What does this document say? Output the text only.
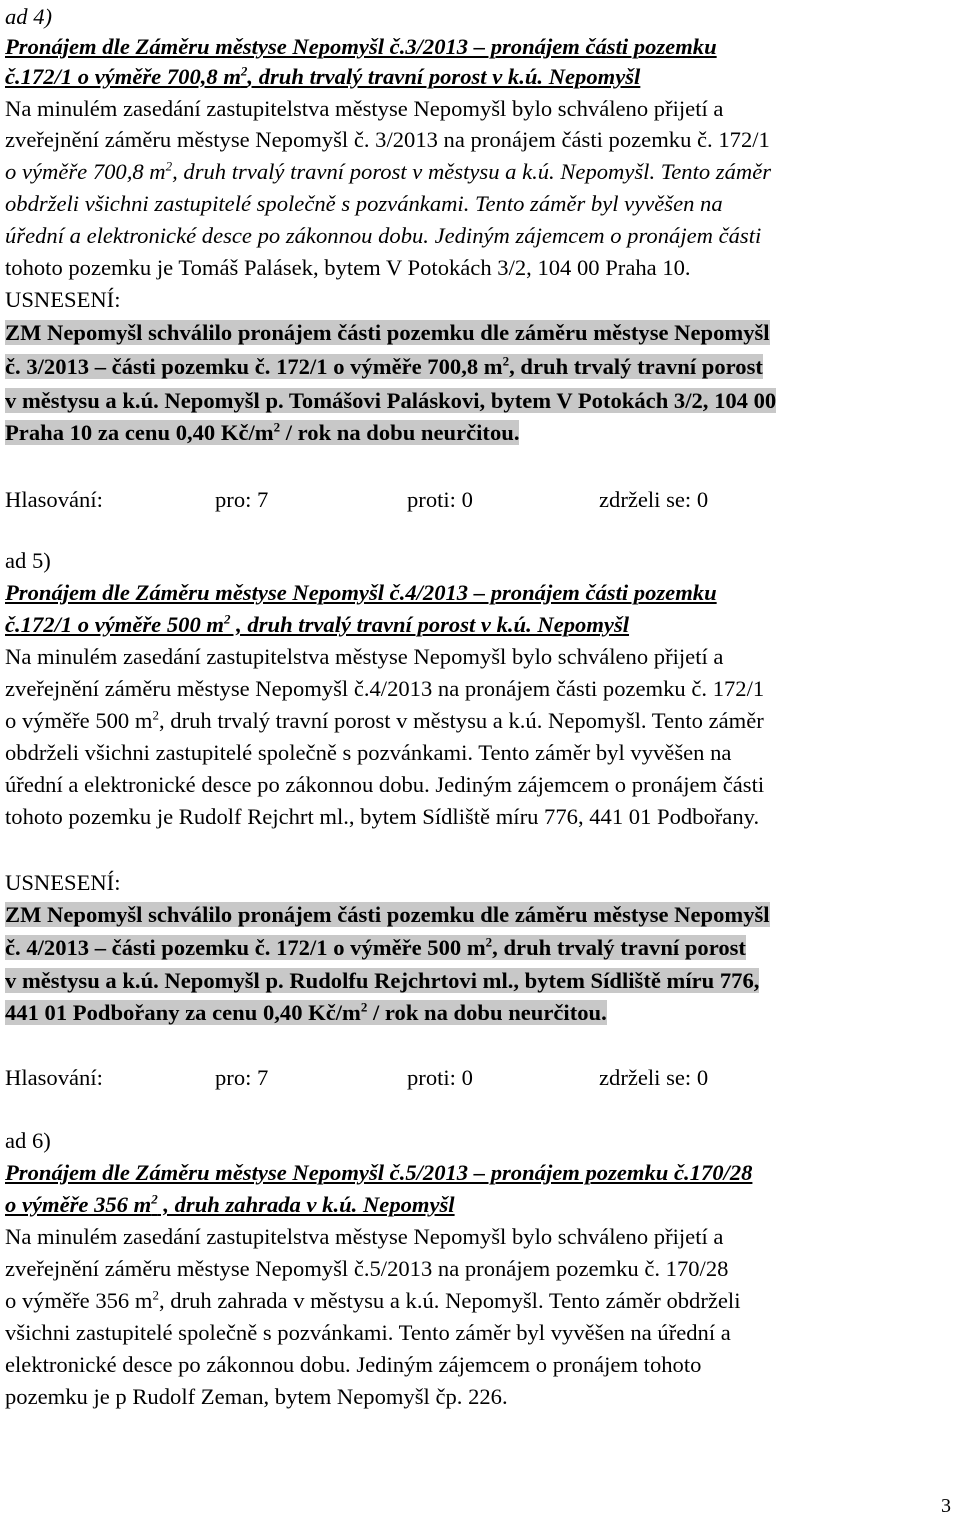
ad 4)
Pronájem dle Záměru městyse Nepomyšl č.3/2013 – pronájem části pozemku
č.172/1 o výměře 700,8 $m^2$, druh trvalý travní porost v k.ú. Nepomyšl
Na minulém zasedání zastupitelstva městyse Nepomyšl bylo schváleno přijetí a
zveřejnění záměru městyse Nepomyšl č. 3/2013 na pronájem části pozemku č. 172/1
o výměře 700,8 $m^2$, druh trvalý travní porost v městysu a k.ú. Nepomyšl. Tento záměr
obdrželi všichni zastupitelé společně s pozvánkami. Tento záměr byl vyvěšen na
úřední a elektronické desce po zákonnou dobu. Jediným zájemcem o pronájem části
tohoto pozemku je Tomáš Palásek, bytem V Potokách 3/2, 104 00 Praha 10.
USNESENÍ:
ZM Nepomyšl schválilo pronájem části pozemku dle záměru městyse Nepomyšl
č. 3/2013 – části pozemku č. 172/1 o výměře 700,8 $m^2$, druh trvalý travní porost
v městysu a k.ú. Nepomyšl p. Tomášovi Paláskovi, bytem V Potokách 3/2, 104 00
Praha 10 za cenu 0,40 $Kč/m^2$ / rok na dobu neurčitou.
Hlasování:	pro: 7	proti: 0	zdrželi se: 0
ad 5)
Pronájem dle Záměru městyse Nepomyšl č.4/2013 – pronájem části pozemku
č.172/1 o výměře 500 $m^2$ , druh trvalý travní porost v k.ú. Nepomyšl
Na minulém zasedání zastupitelstva městyse Nepomyšl bylo schváleno přijetí a
zveřejnění záměru městyse Nepomyšl č.4/2013 na pronájem části pozemku č. 172/1
o výměře 500 $m^2$, druh trvalý travní porost v městysu a k.ú. Nepomyšl. Tento záměr
obdrželi všichni zastupitelé společně s pozvánkami. Tento záměr byl vyvěšen na
úřední a elektronické desce po zákonnou dobu. Jediným zájemcem o pronájem části
tohoto pozemku je Rudolf Rejchrt ml., bytem Sídliště míru 776, 441 01 Podbořany.
USNESENÍ:
ZM Nepomyšl schválilo pronájem části pozemku dle záměru městyse Nepomyšl
č. 4/2013 – části pozemku č. 172/1 o výměře 500 $m^2$, druh trvalý travní porost
v městysu a k.ú. Nepomyšl p. Rudolfu Rejchrtovi ml., bytem Sídliště míru 776,
441 01 Podbořany za cenu 0,40 $Kč/m^2$ / rok na dobu neurčitou.
Hlasování:	pro: 7	proti: 0	zdrželi se: 0
ad 6)
Pronájem dle Záměru městyse Nepomyšl č.5/2013 – pronájem pozemku č.170/28
o výměře 356 $m^2$ , druh zahrada v k.ú. Nepomyšl
Na minulém zasedání zastupitelstva městyse Nepomyšl bylo schváleno přijetí a
zveřejnění záměru městyse Nepomyšl č.5/2013 na pronájem pozemku č. 170/28
o výměře 356 $m^2$, druh zahrada v městysu a k.ú. Nepomyšl. Tento záměr obdrželi
všichni zastupitelé společně s pozvánkami. Tento záměr byl vyvěšen na úřední a
elektronické desce po zákonnou dobu. Jediným zájemcem o pronájem tohoto
pozemku je p Rudolf Zeman, bytem Nepomyšl čp. 226.
3
